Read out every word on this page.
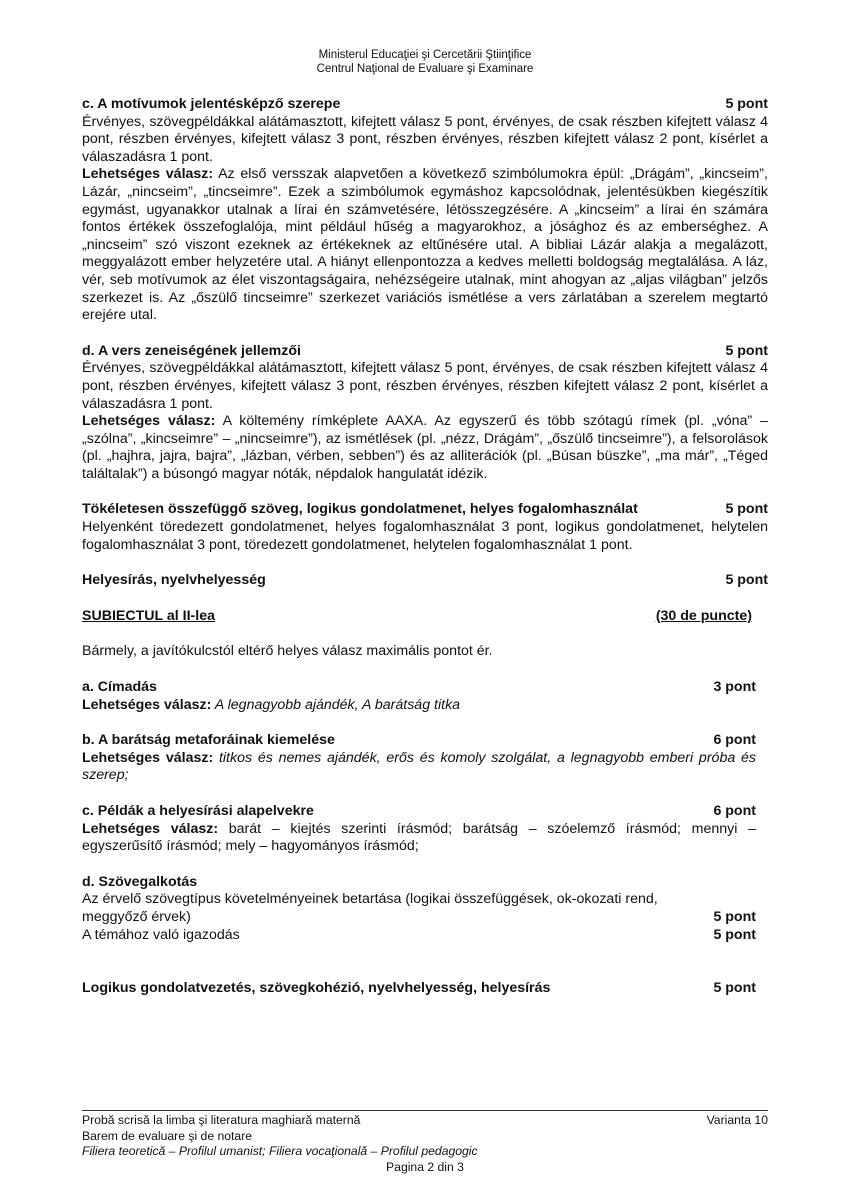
Ministerul Educaţiei şi Cercetării Ştiinţifice
Centrul Naţional de Evaluare şi Examinare
c. A motívumok jelentésképző szerepe	5 pont

Érvényes, szövegpéldákkal alátámasztott, kifejtett válasz 5 pont, érvényes, de csak részben kifejtett válasz 4 pont, részben érvényes, kifejtett válasz 3 pont, részben érvényes, részben kifejtett válasz 2 pont, kísérlet a válaszadásra 1 pont.

Lehetséges válasz: Az első versszak alapvetően a következő szimbólumokra épül: „Drágám”, „kincseim”, Lázár, „nincseim”, „tincseimre”. Ezek a szimbólumok egymáshoz kapcsolódnak, jelentésükben kiegészítik egymást, ugyanakkor utalnak a lírai én számvetésére, létösszegzésére. A „kincseim” a lírai én számára fontos értékek összefoglalója, mint például hűség a magyarokhoz, a jósághoz és az emberséghez. A „nincseim” szó viszont ezeknek az értékeknek az eltűnésére utal. A bibliai Lázár alakja a megalázott, meggyalázott ember helyzetére utal. A hiányt ellenpontozza a kedves melletti boldogság megtalálása. A láz, vér, seb motívumok az élet viszontagságaira, nehézségeire utalnak, mint ahogyan az „aljas világban” jelzős szerkezet is. Az „őszülő tincseimre” szerkezet variációs ismétlése a vers zárlatában a szerelem megtartó erejére utal.

d. A vers zeneiségének jellemzői	5 pont

Érvényes, szövegpéldákkal alátámasztott, kifejtett válasz 5 pont, érvényes, de csak részben kifejtett válasz 4 pont, részben érvényes, kifejtett válasz 3 pont, részben érvényes, részben kifejtett válasz 2 pont, kísérlet a válaszadásra 1 pont.

Lehetséges válasz: A költemény rímképlete AAXA. Az egyszerű és több szótagú rímek (pl. „vóna” – „szólna”, „kincseimre” – „nincseimre”), az ismétlések (pl. „nézz, Drágám”, „őszülő tincseimre”), a felsorolások (pl. „hajhra, jajra, bajra”, „lázban, vérben, sebben”) és az alliterációk (pl. „Búsan büszke”, „ma már”, „Téged találtalak”) a búsongó magyar nóták, népdalok hangulatát idézik.

Tökéletesen összefüggő szöveg, logikus gondolatmenet, helyes fogalomhasználat	5 pont

Helyenként töredezett gondolatmenet, helyes fogalomhasználat 3 pont, logikus gondolatmenet, helytelen fogalomhasználat 3 pont, töredezett gondolatmenet, helytelen fogalomhasználat 1 pont.

Helyesírás, nyelvhelyesség	5 pont
SUBIECTUL al II-lea	(30 de puncte)

Bármely, a javítókulcstól eltérő helyes válasz maximális pontot ér.

a. Címadás	3 pont

Lehetséges válasz: A legnagyobb ajándék, A barátság titka

b. A barátság metaforáinak kiemelése	6 pont

Lehetséges válasz: titkos és nemes ajándék, erős és komoly szolgálat, a legnagyobb emberi próba és szerep;

c. Példák a helyesírási alapelvekre	6 pont

Lehetséges válasz: barát – kiejtés szerinti írásmód; barátság – szóelemző írásmód; mennyi – egyszerűsítő írásmód; mely – hagyományos írásmód;

d. Szövegalkotás

Az érvelő szövegtípus követelményeinek betartása (logikai összefüggések, ok-okozati rend,

meggyőző érvek)	5 pont
A témához való igazodás	5 pont
Logikus gondolatvezetés, szövegkohézió, nyelvhelyesség, helyesírás	5 pont
Probă scrisă la limba şi literatura maghiară maternă	Varianta 10
Barem de evaluare şi de notare
Filiera teoretică – Profilul umanist; Filiera vocaţională – Profilul pedagogic
Pagina 2 din 3
